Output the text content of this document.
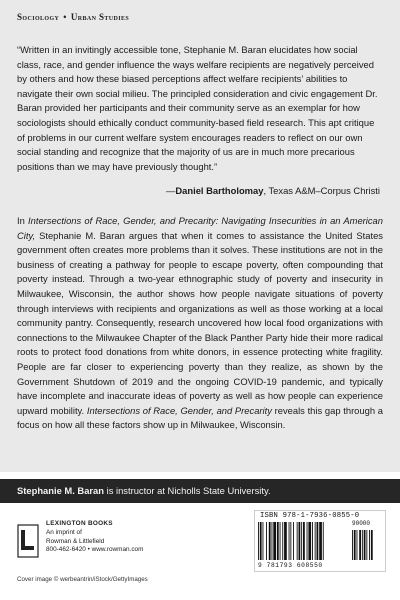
Sociology • Urban Studies
“Written in an invitingly accessible tone, Stephanie M. Baran elucidates how social class, race, and gender influence the ways welfare recipients are negatively perceived by others and how these biased perceptions affect welfare recipients’ abilities to navigate their own social milieu. The principled consideration and civic engagement Dr. Baran provided her participants and their community serve as an exemplar for how sociologists should ethically conduct community-based field research. This apt critique of problems in our current welfare system encourages readers to reflect on our own social standing and recognize that the majority of us are in much more precarious positions than we may have previously thought.”
—Daniel Bartholomay, Texas A&M–Corpus Christi
In Intersections of Race, Gender, and Precarity: Navigating Insecurities in an American City, Stephanie M. Baran argues that when it comes to assistance the United States government often creates more problems than it solves. These institutions are not in the business of creating a pathway for people to escape poverty, often compounding that poverty instead. Through a two-year ethnographic study of poverty and insecurity in Milwaukee, Wisconsin, the author shows how people navigate situations of poverty through interviews with recipients and organizations as well as those working at a local community pantry. Consequently, research uncovered how local food organizations with connections to the Milwaukee Chapter of the Black Panther Party hide their more radical roots to protect food donations from white donors, in essence protecting white fragility. People are far closer to experiencing poverty than they realize, as shown by the Government Shutdown of 2019 and the ongoing COVID-19 pandemic, and typically have incomplete and inaccurate ideas of poverty as well as how people can experience upward mobility. Intersections of Race, Gender, and Precarity reveals this gap through a focus on how all these factors show up in Milwaukee, Wisconsin.
Stephanie M. Baran is instructor at Nicholls State University.
LEXINGTON BOOKS
An imprint of
Rowman & Littlefield
800-462-6420 • www.rowman.com
Cover image © werbeantrin/iStock/GettyImages
ISBN 978-1-7936-0855-0
90000
9 781793 608550
